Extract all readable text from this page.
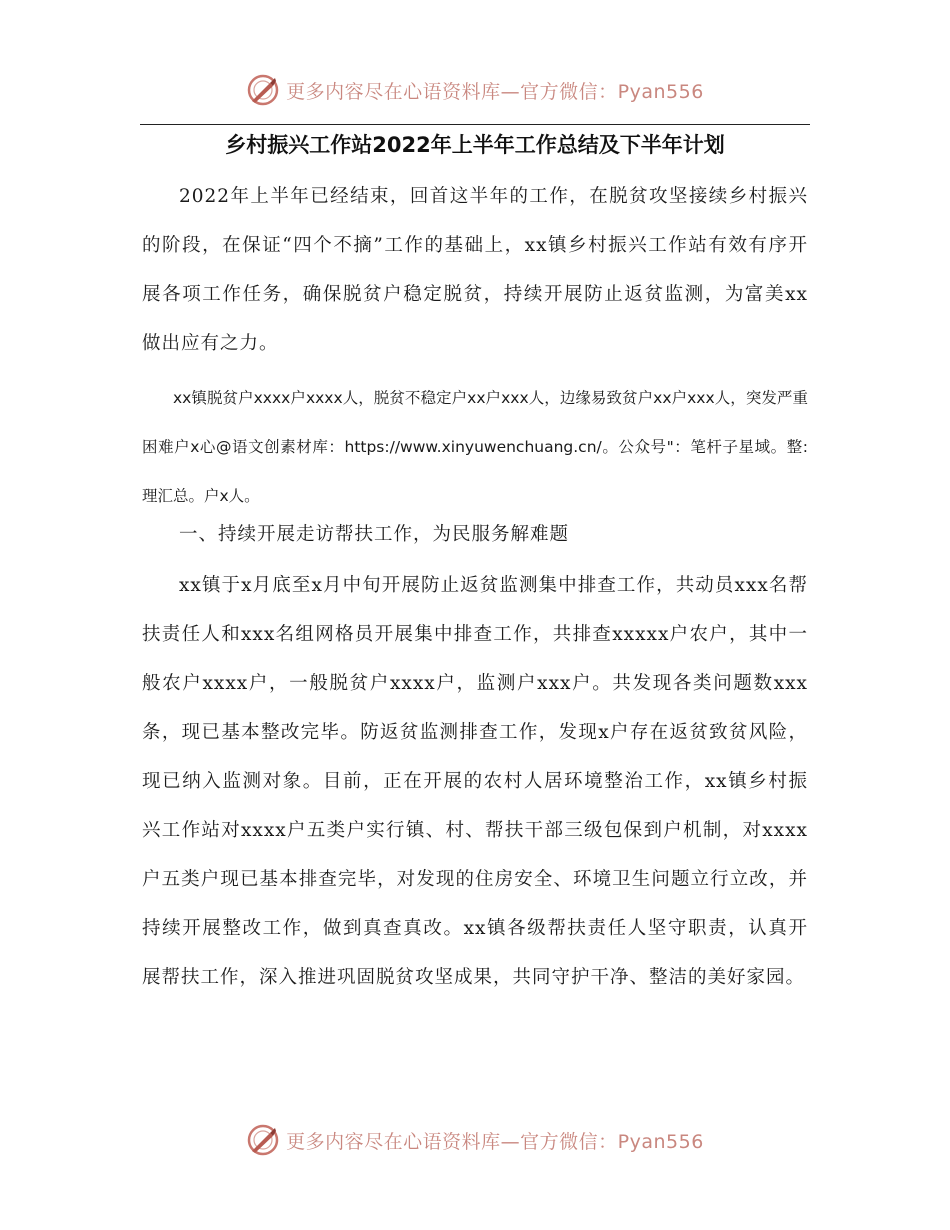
更多内容尽在心语资料库—官方微信：Pyan556
乡村振兴工作站2022年上半年工作总结及下半年计划

2022年上半年已经结束，回首这半年的工作，在脱贫攻坚接续乡村振兴的阶段，在保证“四个不摘”工作的基础上，xx镇乡村振兴工作站有效有序开展各项工作任务，确保脱贫户稳定脱贫，持续开展防止返贫监测，为富美xx做出应有之力。

xx镇脱贫户xxxx户xxxx人，脱贫不稳定户xx户xxx人，边缘易致贫户xx户xxx人，突发严重困难户x心@语文创素材库：https://www.xinyuwenchuang.cn/。公众号"：笔杆子星域。整:理汇总。户x人。

一、持续开展走访帮扶工作，为民服务解难题

xx镇于x月底至x月中旬开展防止返贫监测集中排查工作，共动员xxx名帮扶责任人和xxx名组网格员开展集中排查工作，共排查xxxxx户农户，其中一般农户xxxx户，一般脱贫户xxxx户，监测户xxx户。共发现各类问题数xxx条，现已基本整改完毕。防返贫监测排查工作，发现x户存在返贫致贫风险，现已纳入监测对象。目前，正在开展的农村人居环境整治工作，xx镇乡村振兴工作站对xxxx户五类户实行镇、村、帮扶干部三级包保到户机制，对xxxx户五类户现已基本排查完毕，对发现的住房安全、环境卫生问题立行立改，并持续开展整改工作，做到真查真改。xx镇各级帮扶责任人坚守职责，认真开展帮扶工作，深入推进巩固脱贫攻坚成果，共同守护干净、整洁的美好家园。

更多内容尽在心语资料库—官方微信：Pyan556
